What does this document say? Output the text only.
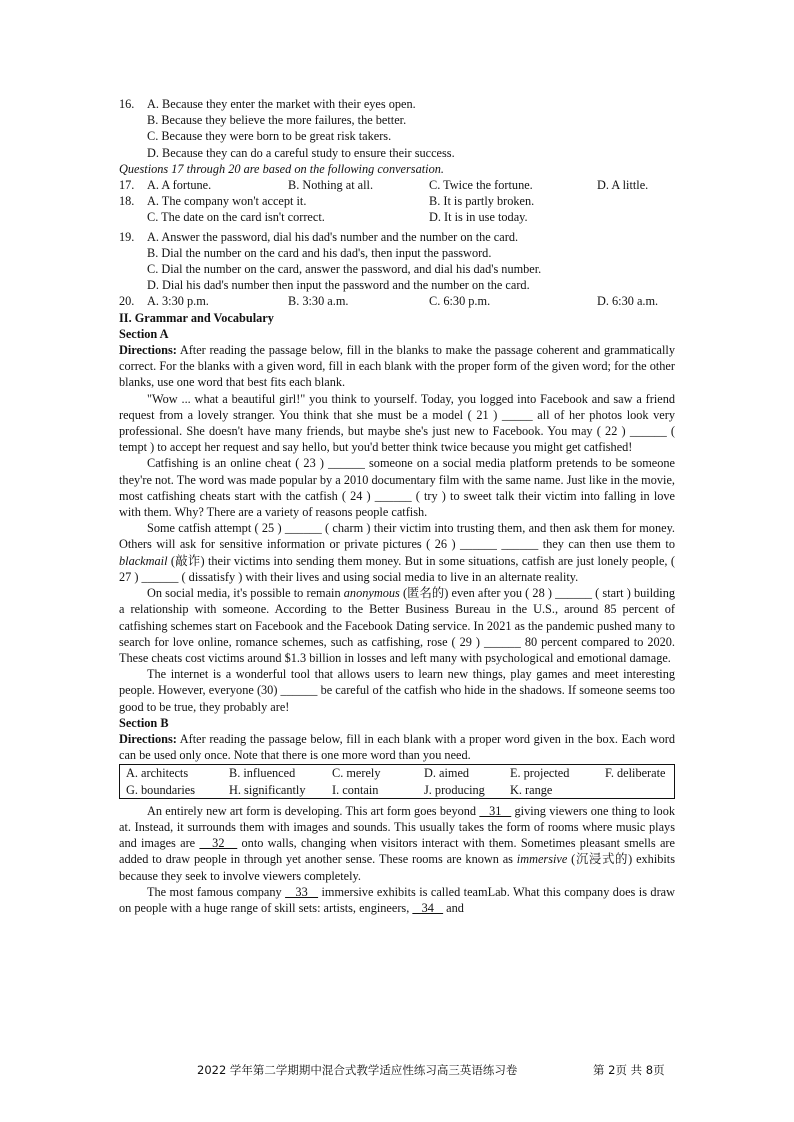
16.	A. Because they enter the market with their eyes open.
B. Because they believe the more failures, the better.
C. Because they were born to be great risk takers.
D. Because they can do a careful study to ensure their success.
Questions 17 through 20 are based on the following conversation.
17.	A. A fortune.	B. Nothing at all.	C. Twice the fortune.	D. A little.
18.	A. The company won't accept it.	B. It is partly broken.
C. The date on the card isn't correct.	D. It is in use today.
19.	A. Answer the password, dial his dad's number and the number on the card.
B. Dial the number on the card and his dad's, then input the password.
C. Dial the number on the card, answer the password, and dial his dad's number.
D. Dial his dad's number then input the password and the number on the card.
20.	A. 3:30 p.m.	B. 3:30 a.m.	C. 6:30 p.m.	D. 6:30 a.m.
II. Grammar and Vocabulary
Section A

Directions: After reading the passage below, fill in the blanks to make the passage coherent and grammatically correct. For the blanks with a given word, fill in each blank with the proper form of the given word; for the other blanks, use one word that best fits each blank.

"Wow ... what a beautiful girl!" you think to yourself. Today, you logged into Facebook and saw a friend request from a lovely stranger. You think that she must be a model ( 21 ) _____ all of her photos look very professional. She doesn't have many friends, but maybe she's just new to Facebook. You may ( 22 ) ______ ( tempt ) to accept her request and say hello, but you'd better think twice because you might get catfished!

Catfishing is an online cheat ( 23 ) ______ someone on a social media platform pretends to be someone they're not. The word was made popular by a 2010 documentary film with the same name. Just like in the movie, most catfishing cheats start with the catfish ( 24 ) ______ ( try ) to sweet talk their victim into falling in love with them. Why? There are a variety of reasons people catfish.

Some catfish attempt ( 25 ) ______ ( charm ) their victim into trusting them, and then ask them for money. Others will ask for sensitive information or private pictures ( 26 ) ______ ______ they can then use them to blackmail (敲诈) their victims into sending them money. But in some situations, catfish are just lonely people, ( 27 ) ______ ( dissatisfy ) with their lives and using social media to live in an alternate reality.

On social media, it's possible to remain anonymous (匿名的) even after you ( 28 ) ______ ( start ) building a relationship with someone. According to the Better Business Bureau in the U.S., around 85 percent of catfishing schemes start on Facebook and the Facebook Dating service. In 2021 as the pandemic pushed many to search for love online, romance schemes, such as catfishing, rose ( 29 ) ______ 80 percent compared to 2020. These cheats cost victims around $1.3 billion in losses and left many with psychological and emotional damage.

The internet is a wonderful tool that allows users to learn new things, play games and meet interesting people. However, everyone (30) ______ be careful of the catfish who hide in the shadows. If someone seems too good to be true, they probably are!

Section B

Directions: After reading the passage below, fill in each blank with a proper word given in the box. Each word can be used only once. Note that there is one more word than you need.

A. architects	B. influenced	C. merely	D. aimed	E. projected	F. deliberate
G. boundaries	H. significantly	I. contain	J. producing	K. range

An entirely new art form is developing. This art form goes beyond    31    giving viewers one thing to look at. Instead, it surrounds them with images and sounds. This usually takes the form of rooms where music plays and images are    32    onto walls, changing when visitors interact with them. Sometimes pleasant smells are added to draw people in through yet another sense. These rooms are known as immersive (沉浸式的) exhibits because they seek to involve viewers completely.

The most famous company    33    immersive exhibits is called teamLab. What this company does is draw on people with a huge range of skill sets: artists, engineers,    34    and

2022 学年第二学期期中混合式教学适应性练习高三英语练习卷	第 2页 共 8页
